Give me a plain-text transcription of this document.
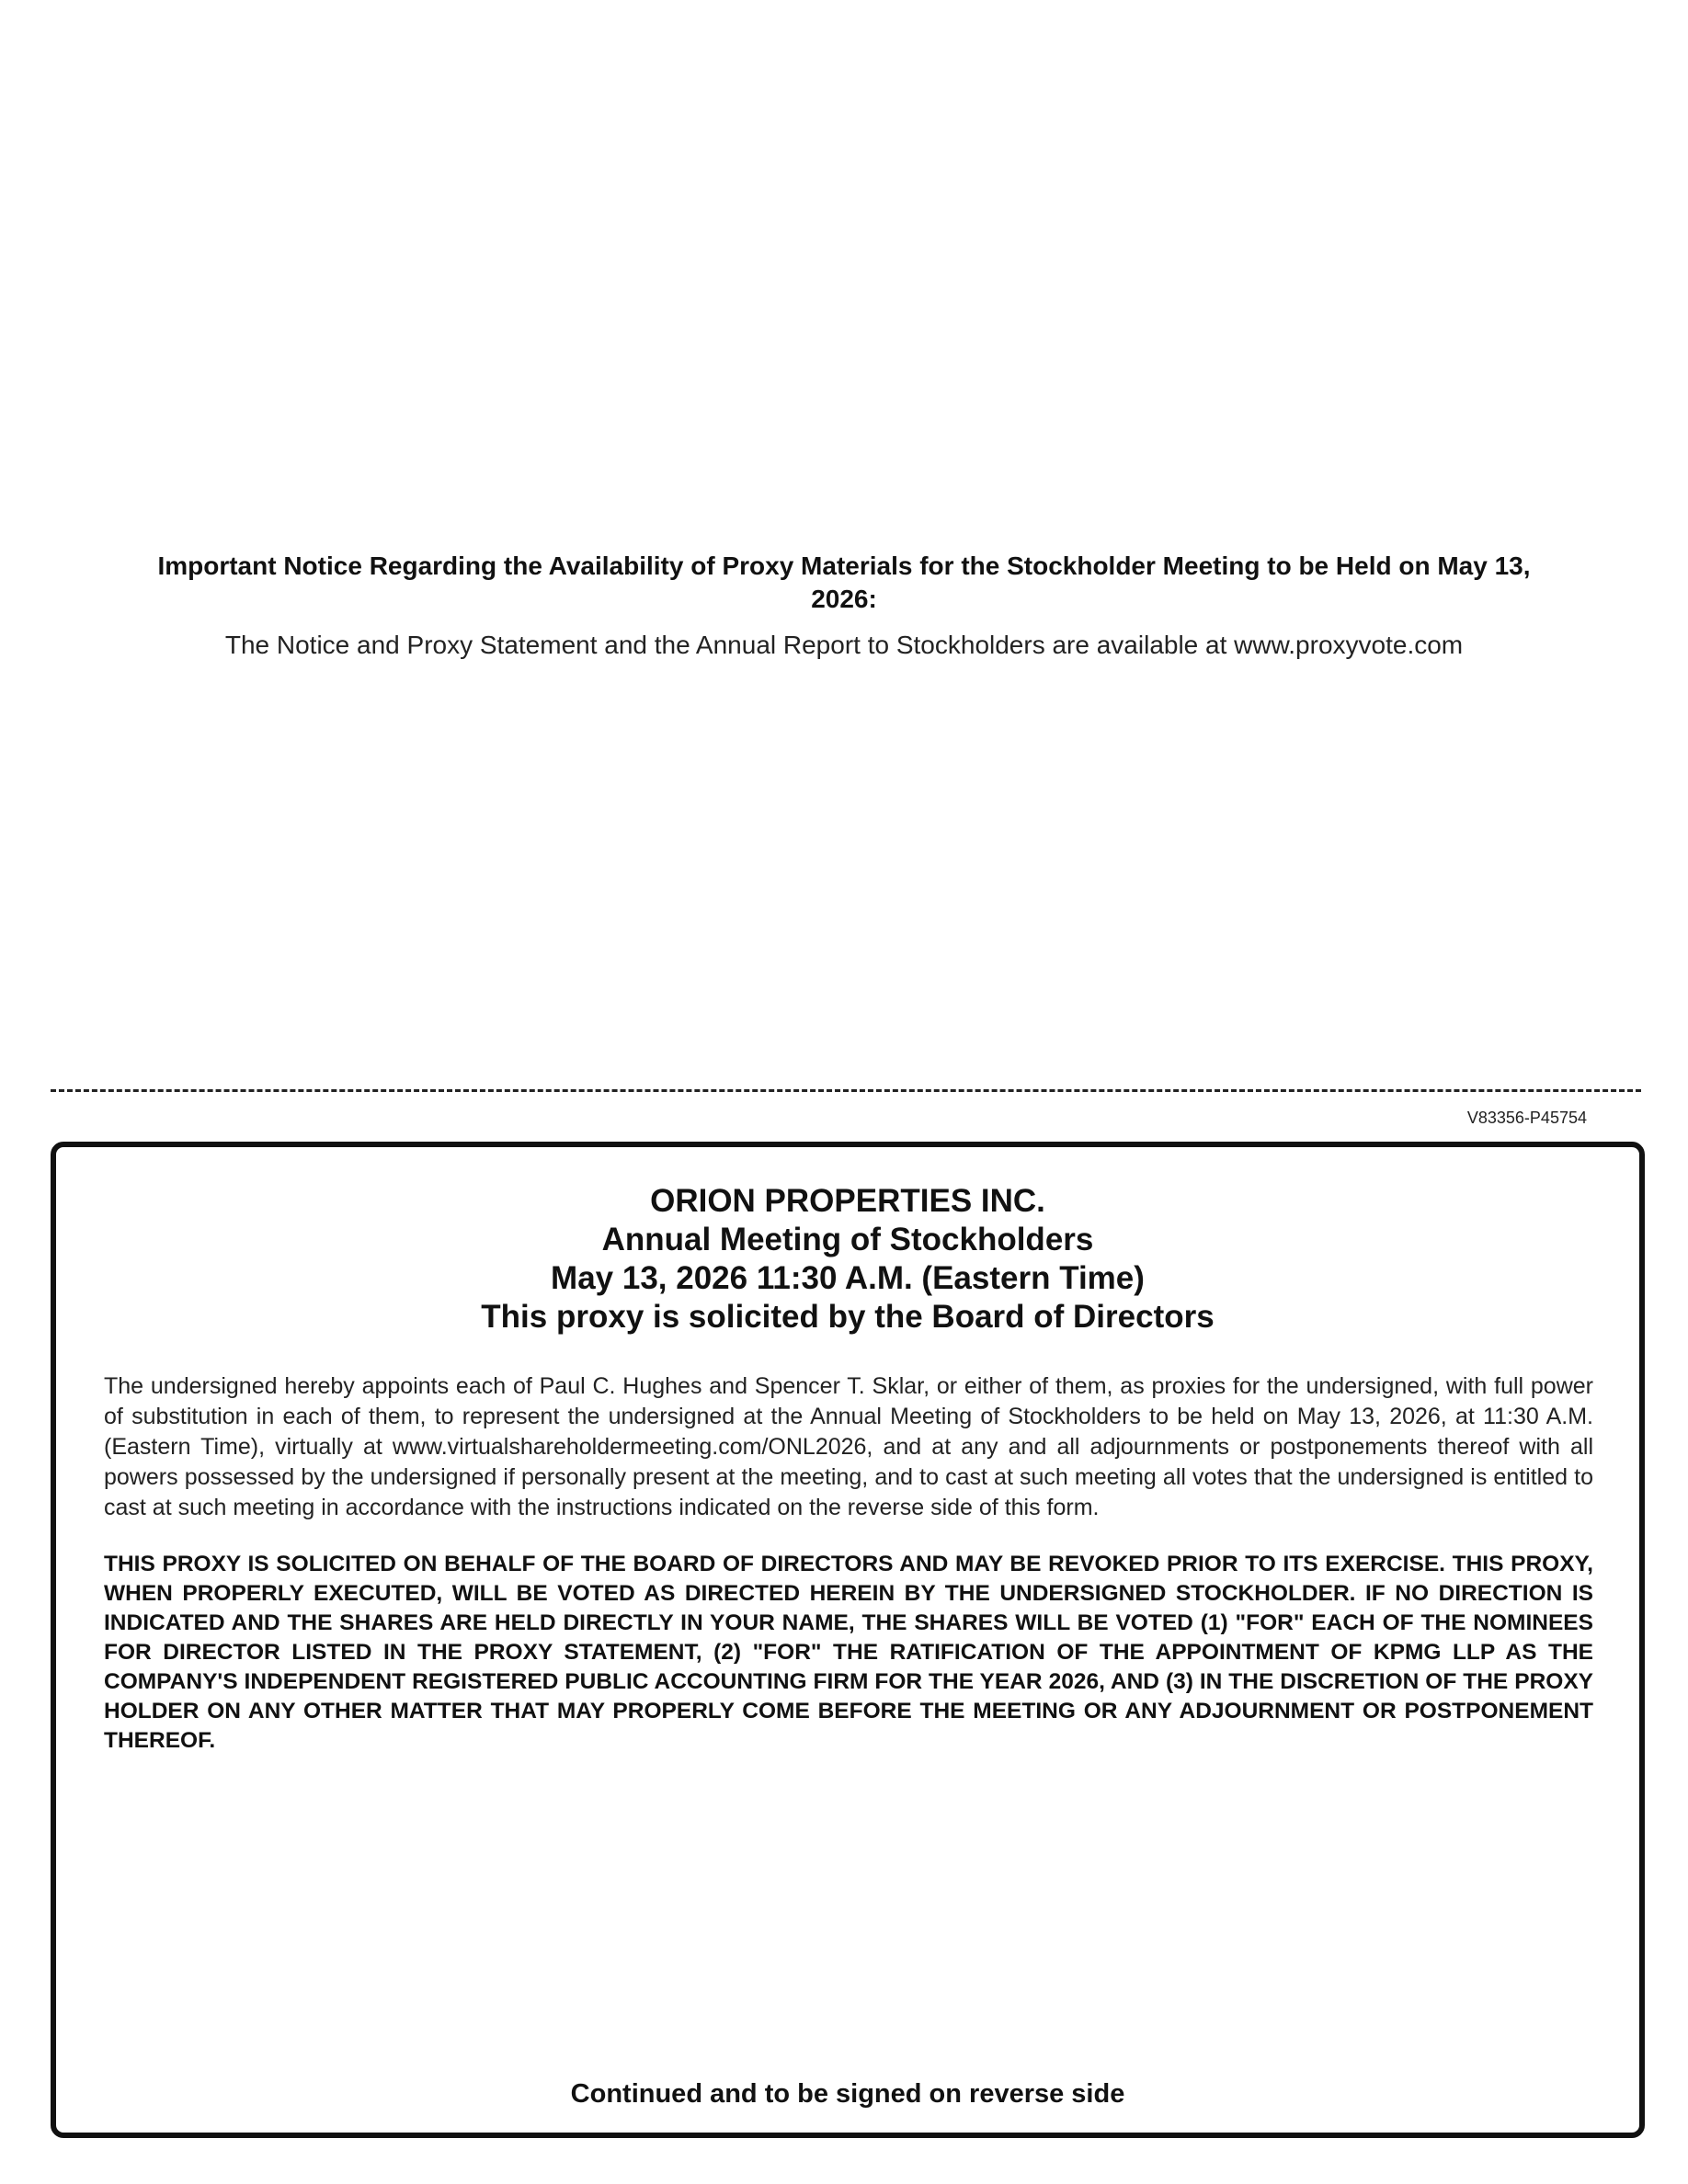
Important Notice Regarding the Availability of Proxy Materials for the Stockholder Meeting to be Held on May 13, 2026:

The Notice and Proxy Statement and the Annual Report to Stockholders are available at www.proxyvote.com

V83356-P45754
ORION PROPERTIES INC.
Annual Meeting of Stockholders
May 13, 2026 11:30 A.M. (Eastern Time)
This proxy is solicited by the Board of Directors

The undersigned hereby appoints each of Paul C. Hughes and Spencer T. Sklar, or either of them, as proxies for the undersigned, with full power of substitution in each of them, to represent the undersigned at the Annual Meeting of Stockholders to be held on May 13, 2026, at 11:30 A.M. (Eastern Time), virtually at www.virtualshareholdermeeting.com/ONL2026, and at any and all adjournments or postponements thereof with all powers possessed by the undersigned if personally present at the meeting, and to cast at such meeting all votes that the undersigned is entitled to cast at such meeting in accordance with the instructions indicated on the reverse side of this form.

THIS PROXY IS SOLICITED ON BEHALF OF THE BOARD OF DIRECTORS AND MAY BE REVOKED PRIOR TO ITS EXERCISE. THIS PROXY, WHEN PROPERLY EXECUTED, WILL BE VOTED AS DIRECTED HEREIN BY THE UNDERSIGNED STOCKHOLDER. IF NO DIRECTION IS INDICATED AND THE SHARES ARE HELD DIRECTLY IN YOUR NAME, THE SHARES WILL BE VOTED (1) "FOR" EACH OF THE NOMINEES FOR DIRECTOR LISTED IN THE PROXY STATEMENT, (2) "FOR" THE RATIFICATION OF THE APPOINTMENT OF KPMG LLP AS THE COMPANY'S INDEPENDENT REGISTERED PUBLIC ACCOUNTING FIRM FOR THE YEAR 2026, AND (3) IN THE DISCRETION OF THE PROXY HOLDER ON ANY OTHER MATTER THAT MAY PROPERLY COME BEFORE THE MEETING OR ANY ADJOURNMENT OR POSTPONEMENT THEREOF.

Continued and to be signed on reverse side
